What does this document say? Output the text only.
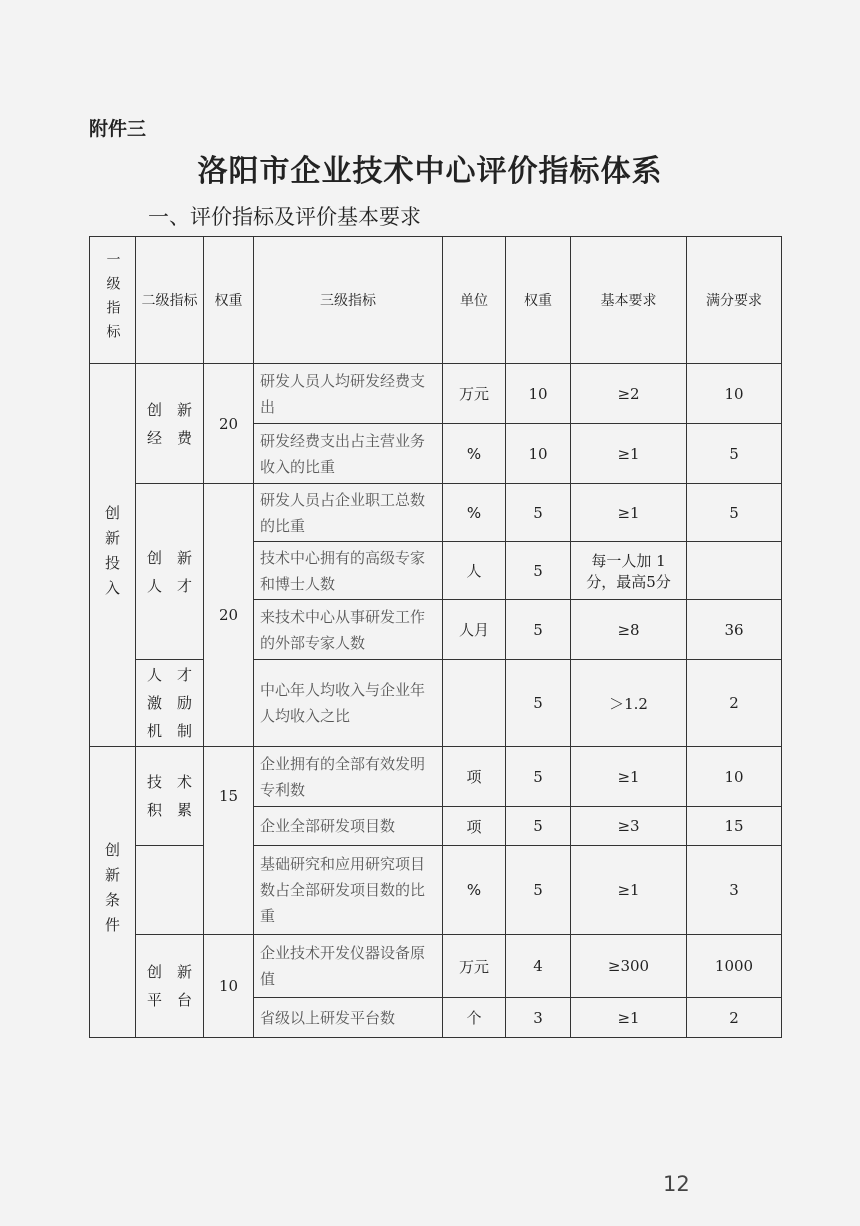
附件三
洛阳市企业技术中心评价指标体系
一、评价指标及评价基本要求
一级指标	二级指标	权重	三级指标	单位	权重	基本要求	满分要求

创新投入	创　新
经　费	20	研发人员人均研发经费支出	万元	10	≥2	10
			研发经费支出占主营业务收入的比重	%	10	≥1	5

	创　新
人　才	20	研发人员占企业职工总数的比重	%	5	≥1	5
			技术中心拥有的高级专家和博士人数	人	5	每一人加 1 分，最高5分	
			来技术中心从事研发工作的外部专家人数	人月	5	≥8	36

	人　才
激　励
机　制		中心年人均收入与企业年人均收入之比		5	＞1.2	2

创新条件	技　术
积　累	15	企业拥有的全部有效发明专利数	项	5	≥1	10
			企业全部研发项目数	项	5	≥3	15
			基础研究和应用研究项目数占全部研发项目数的比重	%	5	≥1	3

	创　新
平　台	10	企业技术开发仪器设备原值	万元	4	≥300	1000
			省级以上研发平台数	个	3	≥1	2
12
